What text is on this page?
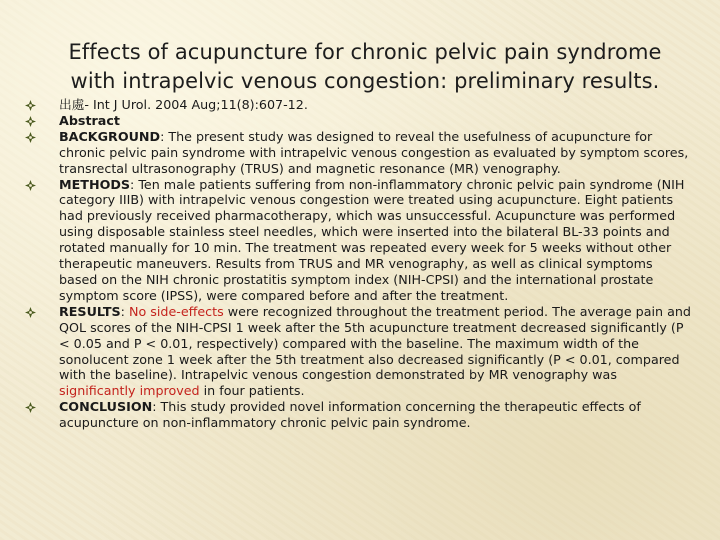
Effects of acupuncture for chronic pelvic pain syndrome
with intrapelvic venous congestion: preliminary results.
出處- Int J Urol. 2004 Aug;11(8):607-12.
Abstract
BACKGROUND: The present study was designed to reveal the usefulness of acupuncture for chronic pelvic pain syndrome with intrapelvic venous congestion as evaluated by symptom scores, transrectal ultrasonography (TRUS) and magnetic resonance (MR) venography.
METHODS: Ten male patients suffering from non-inflammatory chronic pelvic pain syndrome (NIH category IIIB) with intrapelvic venous congestion were treated using acupuncture. Eight patients had previously received pharmacotherapy, which was unsuccessful. Acupuncture was performed using disposable stainless steel needles, which were inserted into the bilateral BL-33 points and rotated manually for 10 min. The treatment was repeated every week for 5 weeks without other therapeutic maneuvers. Results from TRUS and MR venography, as well as clinical symptoms based on the NIH chronic prostatitis symptom index (NIH-CPSI) and the international prostate symptom score (IPSS), were compared before and after the treatment.
RESULTS: No side-effects were recognized throughout the treatment period. The average pain and QOL scores of the NIH-CPSI 1 week after the 5th acupuncture treatment decreased significantly (P < 0.05 and P < 0.01, respectively) compared with the baseline. The maximum width of the sonolucent zone 1 week after the 5th treatment also decreased significantly (P < 0.01, compared with the baseline). Intrapelvic venous congestion demonstrated by MR venography was significantly improved in four patients.
CONCLUSION: This study provided novel information concerning the therapeutic effects of acupuncture on non-inflammatory chronic pelvic pain syndrome.
